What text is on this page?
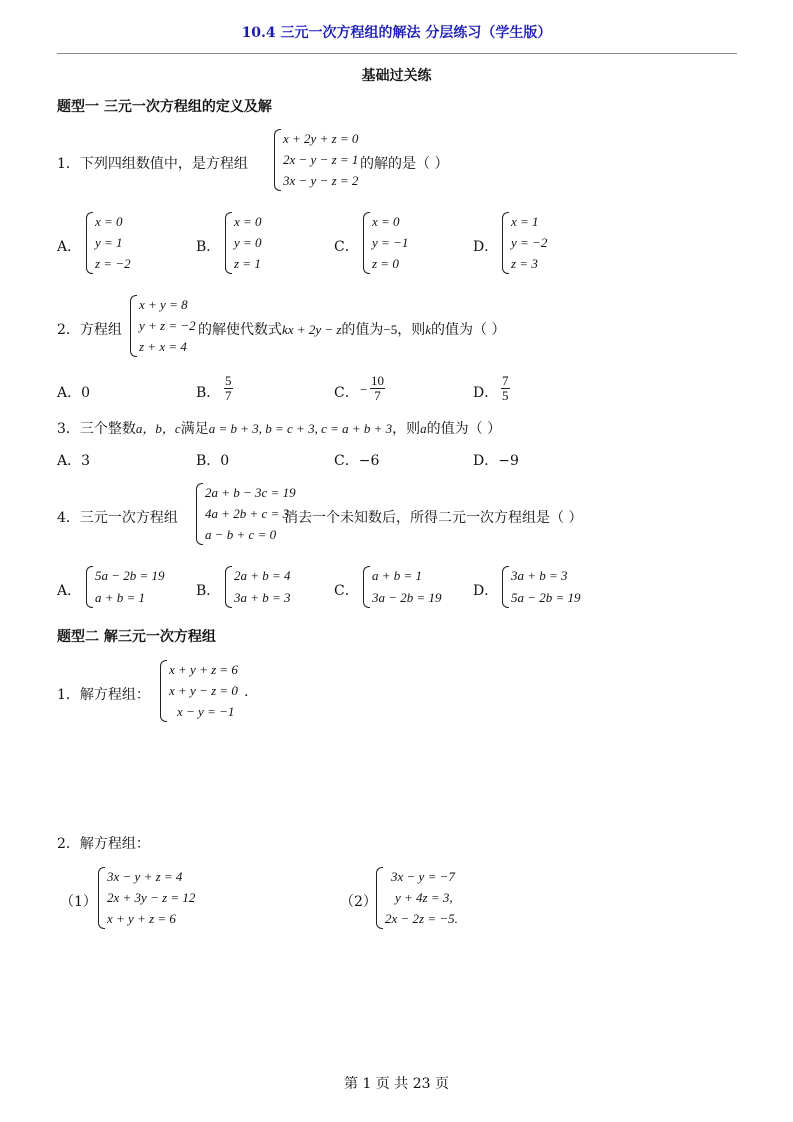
10.4 三元一次方程组的解法 分层练习（学生版）
基础过关练
题型一 三元一次方程组的定义及解
1．下列四组数值中，是方程组
x + 2y + z = 0
2x − y − z = 1
3x − y − z = 2
的解的是（ ）
A．
x = 0
y = 1
z = −2
B．
x = 0
y = 0
z = 1
C．
x = 0
y = −1
z = 0
D．
x = 1
y = −2
z = 3
2．方程组
x + y = 8
y + z = −2
z + x = 4
的解使代数式kx + 2y − z的值为−5，则k的值为（ ）
A．0	B． $\frac{5}{7}$	C． − $\frac{10}{7}$	D． $\frac{7}{5}$
3．三个整数a，b，c满足a = b + 3, b = c + 3, c = a + b + 3，则a的值为（ ）
A．3	B．0	C．−6	D．−9
4．三元一次方程组
2a + b − 3c = 19
4a + 2b + c = 3
a − b + c = 0
消去一个未知数后，所得二元一次方程组是（ ）
A．
5a − 2b = 19
a + b = 1	B．
2a + b = 4
3a + b = 3	C．
a + b = 1
3a − 2b = 19 D．
3a + b = 3
5a − 2b = 19
题型二 解三元一次方程组
1．解方程组：
x + y + z = 6
x + y − z = 0
x − y = −1
.
2．解方程组：
（1）
3x − y + z = 4
2x + 3y − z = 12
x + y + z = 6
（2）
3x − y = −7
y + 4z = 3,
2x − 2z = −5.
第 1 页 共 23 页
